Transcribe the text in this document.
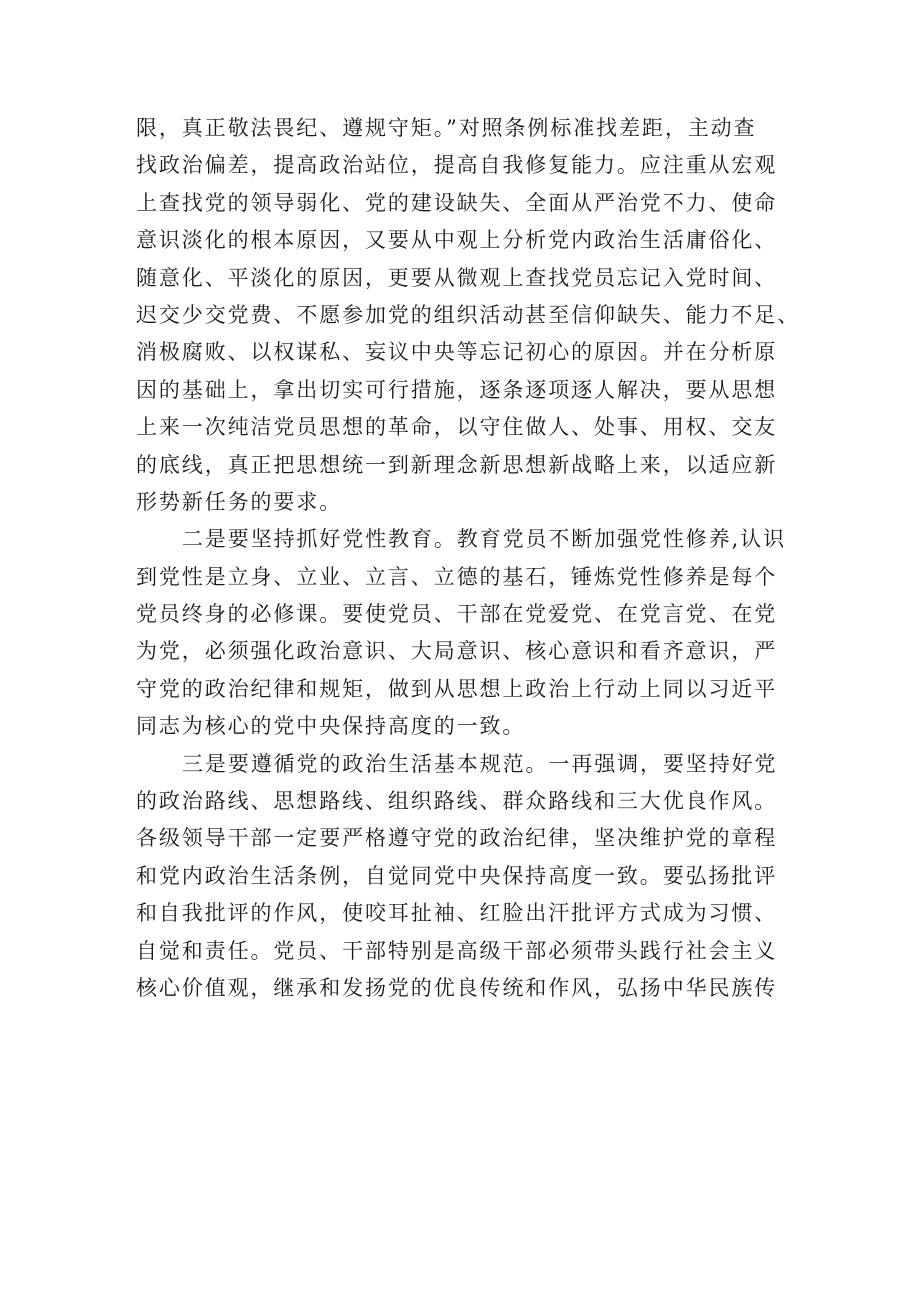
限，真正敬法畏纪、遵规守矩。”对照条例标准找差距，主动查
找政治偏差，提高政治站位，提高自我修复能力。应注重从宏观
上查找党的领导弱化、党的建设缺失、全面从严治党不力、使命
意识淡化的根本原因，又要从中观上分析党内政治生活庸俗化、
随意化、平淡化的原因，更要从微观上查找党员忘记入党时间、
迟交少交党费、不愿参加党的组织活动甚至信仰缺失、能力不足、
消极腐败、以权谋私、妄议中央等忘记初心的原因。并在分析原
因的基础上，拿出切实可行措施，逐条逐项逐人解决，要从思想
上来一次纯洁党员思想的革命，以守住做人、处事、用权、交友
的底线，真正把思想统一到新理念新思想新战略上来，以适应新
形势新任务的要求。
二是要坚持抓好党性教育。教育党员不断加强党性修养,认识
到党性是立身、立业、立言、立德的基石，锤炼党性修养是每个
党员终身的必修课。要使党员、干部在党爱党、在党言党、在党
为党，必须强化政治意识、大局意识、核心意识和看齐意识，严
守党的政治纪律和规矩，做到从思想上政治上行动上同以习近平
同志为核心的党中央保持高度的一致。
三是要遵循党的政治生活基本规范。一再强调，要坚持好党
的政治路线、思想路线、组织路线、群众路线和三大优良作风。
各级领导干部一定要严格遵守党的政治纪律，坚决维护党的章程
和党内政治生活条例，自觉同党中央保持高度一致。要弘扬批评
和自我批评的作风，使咬耳扯袖、红脸出汗批评方式成为习惯、
自觉和责任。党员、干部特别是高级干部必须带头践行社会主义
核心价值观，继承和发扬党的优良传统和作风，弘扬中华民族传
